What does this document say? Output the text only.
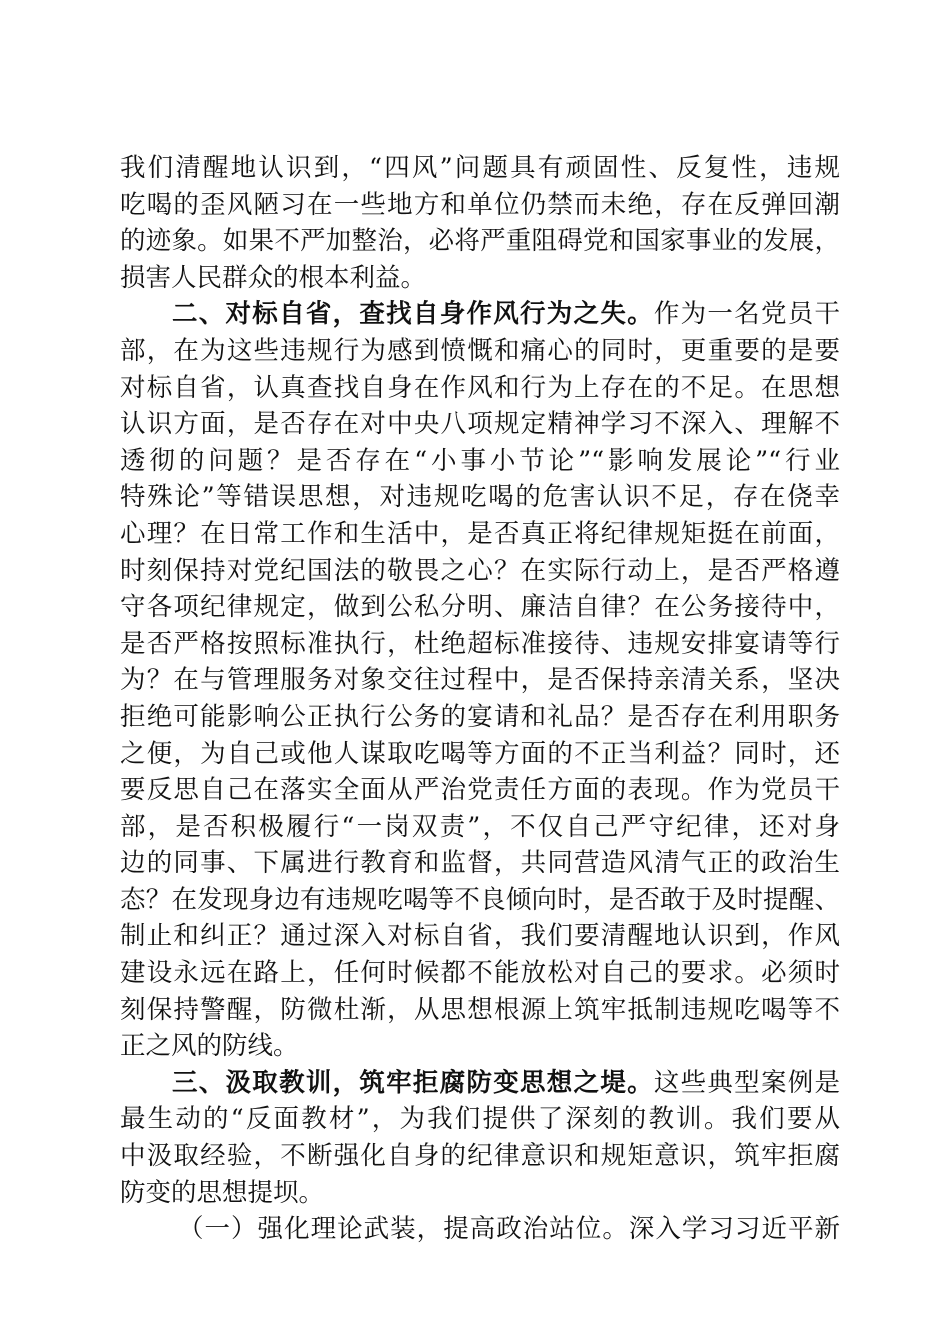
我们清醒地认识到，“四风”问题具有顽固性、反复性，违规
吃喝的歪风陋习在一些地方和单位仍禁而未绝，存在反弹回潮
的迹象。如果不严加整治，必将严重阻碍党和国家事业的发展，
损害人民群众的根本利益。
二、对标自省，查找自身作风行为之失。作为一名党员干
部，在为这些违规行为感到愤慨和痛心的同时，更重要的是要
对标自省，认真查找自身在作风和行为上存在的不足。在思想
认识方面，是否存在对中央八项规定精神学习不深入、理解不
透彻的问题？是否存在“小事小节论”“影响发展论”“行业
特殊论”等错误思想，对违规吃喝的危害认识不足，存在侥幸
心理？在日常工作和生活中，是否真正将纪律规矩挺在前面，
时刻保持对党纪国法的敬畏之心？在实际行动上，是否严格遵
守各项纪律规定，做到公私分明、廉洁自律？在公务接待中，
是否严格按照标准执行，杜绝超标准接待、违规安排宴请等行
为？在与管理服务对象交往过程中，是否保持亲清关系，坚决
拒绝可能影响公正执行公务的宴请和礼品？是否存在利用职务
之便，为自己或他人谋取吃喝等方面的不正当利益？同时，还
要反思自己在落实全面从严治党责任方面的表现。作为党员干
部，是否积极履行“一岗双责”，不仅自己严守纪律，还对身
边的同事、下属进行教育和监督，共同营造风清气正的政治生
态？在发现身边有违规吃喝等不良倾向时，是否敢于及时提醒、
制止和纠正？通过深入对标自省，我们要清醒地认识到，作风
建设永远在路上，任何时候都不能放松对自己的要求。必须时
刻保持警醒，防微杜渐，从思想根源上筑牢抵制违规吃喝等不
正之风的防线。
三、汲取教训，筑牢拒腐防变思想之堤。这些典型案例是
最生动的“反面教材”，为我们提供了深刻的教训。我们要从
中汲取经验，不断强化自身的纪律意识和规矩意识，筑牢拒腐
防变的思想提坝。
（一）强化理论武装，提高政治站位。深入学习习近平新
